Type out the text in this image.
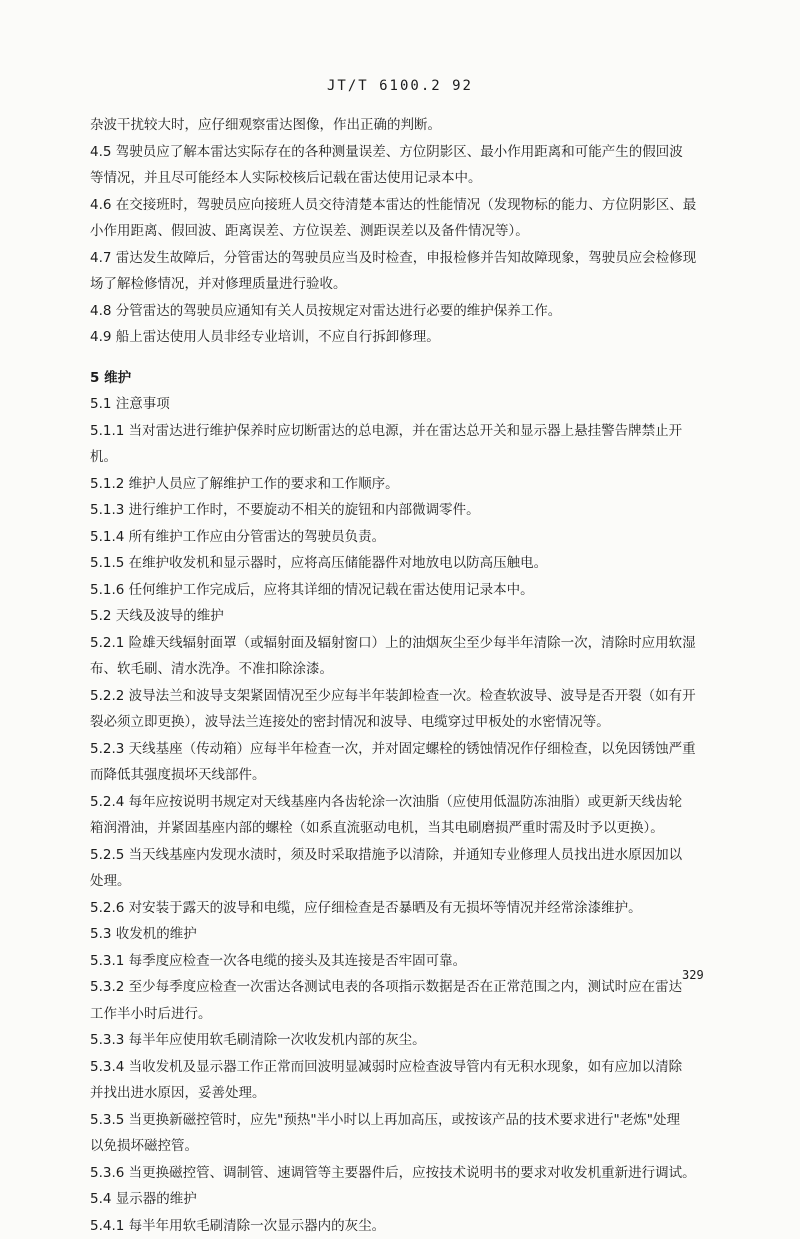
JT/T 6100.2 92
杂波干扰较大时，应仔细观察雷达图像，作出正确的判断。
4.5 驾驶员应了解本雷达实际存在的各种测量误差、方位阴影区、最小作用距离和可能产生的假回波
等情况，并且尽可能经本人实际校核后记载在雷达使用记录本中。
4.6 在交接班时，驾驶员应向接班人员交待清楚本雷达的性能情况（发现物标的能力、方位阴影区、最
小作用距离、假回波、距离误差、方位误差、测距误差以及备件情况等）。
4.7 雷达发生故障后，分管雷达的驾驶员应当及时检查，申报检修并告知故障现象，驾驶员应会检修现
场了解检修情况，并对修理质量进行验收。
4.8 分管雷达的驾驶员应通知有关人员按规定对雷达进行必要的维护保养工作。
4.9 船上雷达使用人员非经专业培训，不应自行拆卸修理。
5 维护
5.1 注意事项
5.1.1 当对雷达进行维护保养时应切断雷达的总电源，并在雷达总开关和显示器上悬挂警告牌禁止开
机。
5.1.2 维护人员应了解维护工作的要求和工作顺序。
5.1.3 进行维护工作时，不要旋动不相关的旋钮和内部微调零件。
5.1.4 所有维护工作应由分管雷达的驾驶员负责。
5.1.5 在维护收发机和显示器时，应将高压储能器件对地放电以防高压触电。
5.1.6 任何维护工作完成后，应将其详细的情况记载在雷达使用记录本中。
5.2 天线及波导的维护
5.2.1 险雄天线辐射面罩（或辐射面及辐射窗口）上的油烟灰尘至少每半年清除一次，清除时应用软湿
布、软毛刷、清水洗净。不准扣除涂漆。
5.2.2 波导法兰和波导支架紧固情况至少应每半年装卸检查一次。检查软波导、波导是否开裂（如有开
裂必须立即更换），波导法兰连接处的密封情况和波导、电缆穿过甲板处的水密情况等。
5.2.3 天线基座（传动箱）应每半年检查一次，并对固定螺栓的锈蚀情况作仔细检查，以免因锈蚀严重
而降低其强度损坏天线部件。
5.2.4 每年应按说明书规定对天线基座内各齿轮涂一次油脂（应使用低温防冻油脂）或更新天线齿轮
箱润滑油，并紧固基座内部的螺栓（如系直流驱动电机，当其电刷磨损严重时需及时予以更换）。
5.2.5 当天线基座内发现水渍时，须及时采取措施予以清除，并通知专业修理人员找出进水原因加以
处理。
5.2.6 对安装于露天的波导和电缆，应仔细检查是否暴晒及有无损坏等情况并经常涂漆维护。
5.3 收发机的维护
5.3.1 每季度应检查一次各电缆的接头及其连接是否牢固可靠。
5.3.2 至少每季度应检查一次雷达各测试电表的各项指示数据是否在正常范围之内，测试时应在雷达
工作半小时后进行。
5.3.3 每半年应使用软毛刷清除一次收发机内部的灰尘。
5.3.4 当收发机及显示器工作正常而回波明显减弱时应检查波导管内有无积水现象，如有应加以清除
并找出进水原因，妥善处理。
5.3.5 当更换新磁控管时，应先"预热"半小时以上再加高压，或按该产品的技术要求进行"老炼"处理
以免损坏磁控管。
5.3.6 当更换磁控管、调制管、速调管等主要器件后，应按技术说明书的要求对收发机重新进行调试。
5.4 显示器的维护
5.4.1 每半年用软毛刷清除一次显示器内的灰尘。
329
